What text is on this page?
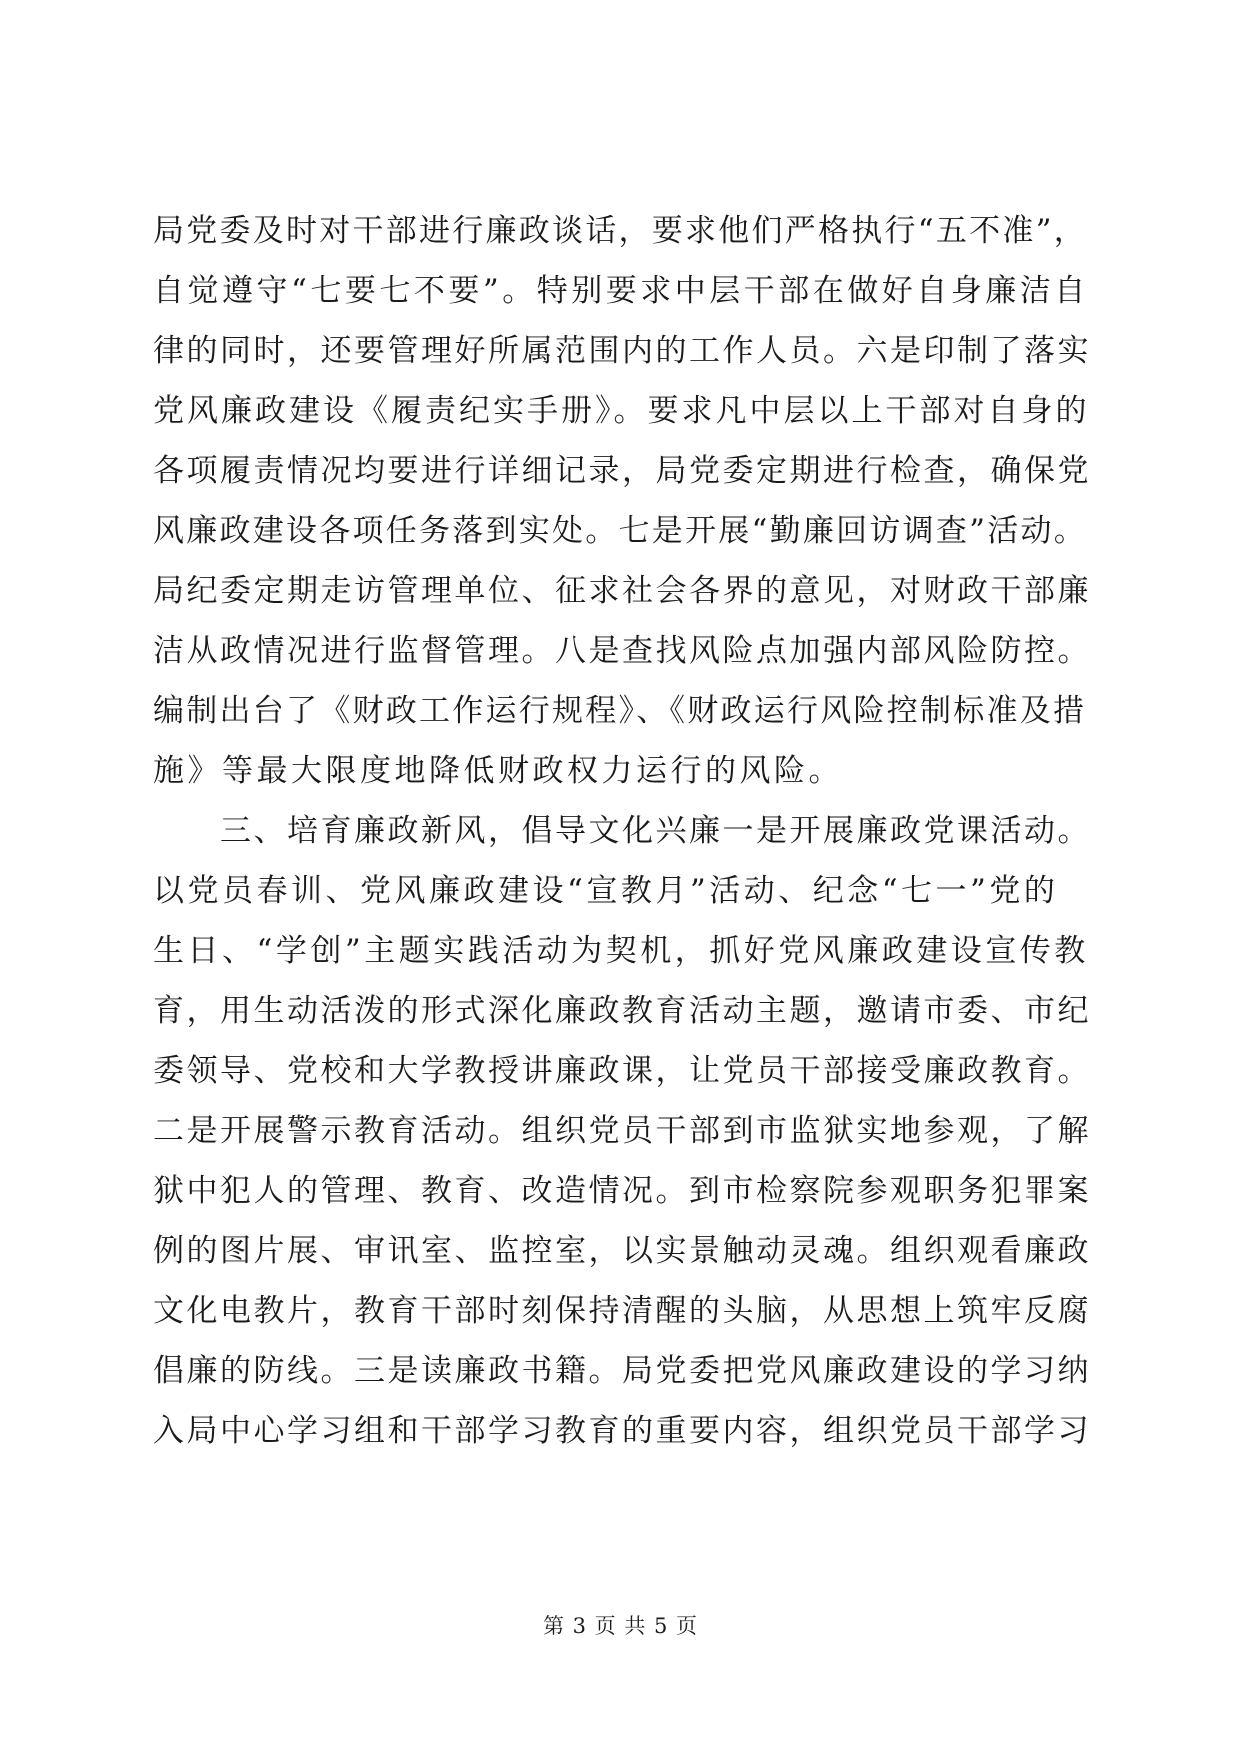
局党委及时对干部进行廉政谈话，要求他们严格执行“五不准”，
自觉遵守“七要七不要”。特别要求中层干部在做好自身廉洁自
律的同时，还要管理好所属范围内的工作人员。六是印制了落实
党风廉政建设《履责纪实手册》。要求凡中层以上干部对自身的
各项履责情况均要进行详细记录，局党委定期进行检查，确保党
风廉政建设各项任务落到实处。七是开展“勤廉回访调查”活动。
局纪委定期走访管理单位、征求社会各界的意见，对财政干部廉
洁从政情况进行监督管理。八是查找风险点加强内部风险防控。
编制出台了《财政工作运行规程》、《财政运行风险控制标准及措
施》等最大限度地降低财政权力运行的风险。
　　三、培育廉政新风，倡导文化兴廉一是开展廉政党课活动。
以党员春训、党风廉政建设“宣教月”活动、纪念“七一”党的
生日、“学创”主题实践活动为契机，抓好党风廉政建设宣传教
育，用生动活泼的形式深化廉政教育活动主题，邀请市委、市纪
委领导、党校和大学教授讲廉政课，让党员干部接受廉政教育。
二是开展警示教育活动。组织党员干部到市监狱实地参观，了解
狱中犯人的管理、教育、改造情况。到市检察院参观职务犯罪案
例的图片展、审讯室、监控室，以实景触动灵魂。组织观看廉政
文化电教片，教育干部时刻保持清醒的头脑，从思想上筑牢反腐
倡廉的防线。三是读廉政书籍。局党委把党风廉政建设的学习纳
入局中心学习组和干部学习教育的重要内容，组织党员干部学习
第 3 页 共 5 页
